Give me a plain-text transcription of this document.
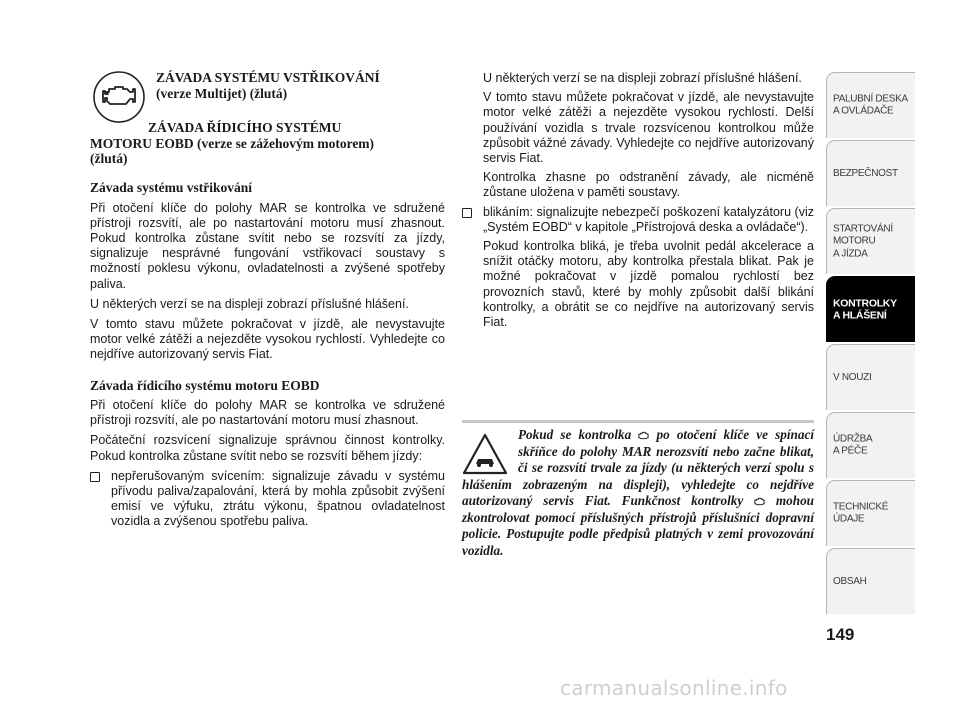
ZÁVADA SYSTÉMU VSTŘIKOVÁNÍ
(verze Multijet) (žlutá)
ZÁVADA ŘÍDICÍHO SYSTÉMU
MOTORU EOBD (verze se zážehovým motorem)
(žlutá)

Závada systému vstřikování

Při otočení klíče do polohy MAR se kontrolka ve sdružené přístroji rozsvítí, ale po nastartování motoru musí zhasnout. Pokud kontrolka zůstane svítit nebo se rozsvítí za jízdy, signalizuje nesprávné fungování vstřikovací soustavy s možností poklesu výkonu, ovladatelnosti a zvýšené spotřeby paliva.

U některých verzí se na displeji zobrazí příslušné hlášení.

V tomto stavu můžete pokračovat v jízdě, ale nevystavujte motor velké zátěži a nejezděte vysokou rychlostí. Vyhledejte co nejdříve autorizovaný servis Fiat.

Závada řídicího systému motoru EOBD

Při otočení klíče do polohy MAR se kontrolka ve sdružené přístroji rozsvítí, ale po nastartování motoru musí zhasnout.

Počáteční rozsvícení signalizuje správnou činnost kontrolky. Pokud kontrolka zůstane svítit nebo se rozsvítí během jízdy:

nepřerušovaným svícením: signalizuje závadu v systému přívodu paliva/zapalování, která by mohla způsobit zvýšení emisí ve výfuku, ztrátu výkonu, špatnou ovladatelnost vozidla a zvýšenou spotřebu paliva.

U některých verzí se na displeji zobrazí příslušné hlášení.

V tomto stavu můžete pokračovat v jízdě, ale nevystavujte motor velké zátěži a nejezděte vysokou rychlostí. Delší používání vozidla s trvale rozsvícenou kontrolkou může způsobit vážné závady. Vyhledejte co nejdříve autorizovaný servis Fiat.

Kontrolka zhasne po odstranění závady, ale nicméně zůstane uložena v paměti soustavy.

blikáním: signalizujte nebezpečí poškození katalyzátoru (viz „Systém EOBD“ v kapitole „Přístrojová deska a ovládače“).

Pokud kontrolka bliká, je třeba uvolnit pedál akcelerace a snížit otáčky motoru, aby kontrolka přestala blikat. Pak je možné pokračovat v jízdě pomalou rychlostí bez provozních stavů, které by mohly způsobit další blikání kontrolky, a obrátit se co nejdříve na autorizovaný servis Fiat.

Pokud se kontrolka  po otočení klíče ve spínací skříňce do polohy MAR nerozsvítí nebo začne blikat, či se rozsvítí trvale za jízdy (u některých verzí spolu s hlášením zobrazeným na displeji), vyhledejte co nejdříve autorizovaný servis Fiat. Funkčnost kontrolky  mohou zkontrolovat pomocí příslušných přístrojů příslušníci dopravní policie. Postupujte podle předpisů platných v zemi provozování vozidla.
PALUBNÍ DESKA
A OVLÁDAČE
BEZPEČNOST
STARTOVÁNÍ
MOTORU
A JÍZDA
KONTROLKY
A HLÁŠENÍ
V NOUZI
ÚDRŽBA
A PÉČE
TECHNICKÉ
ÚDAJE
OBSAH
149
carmanualsonline.info
